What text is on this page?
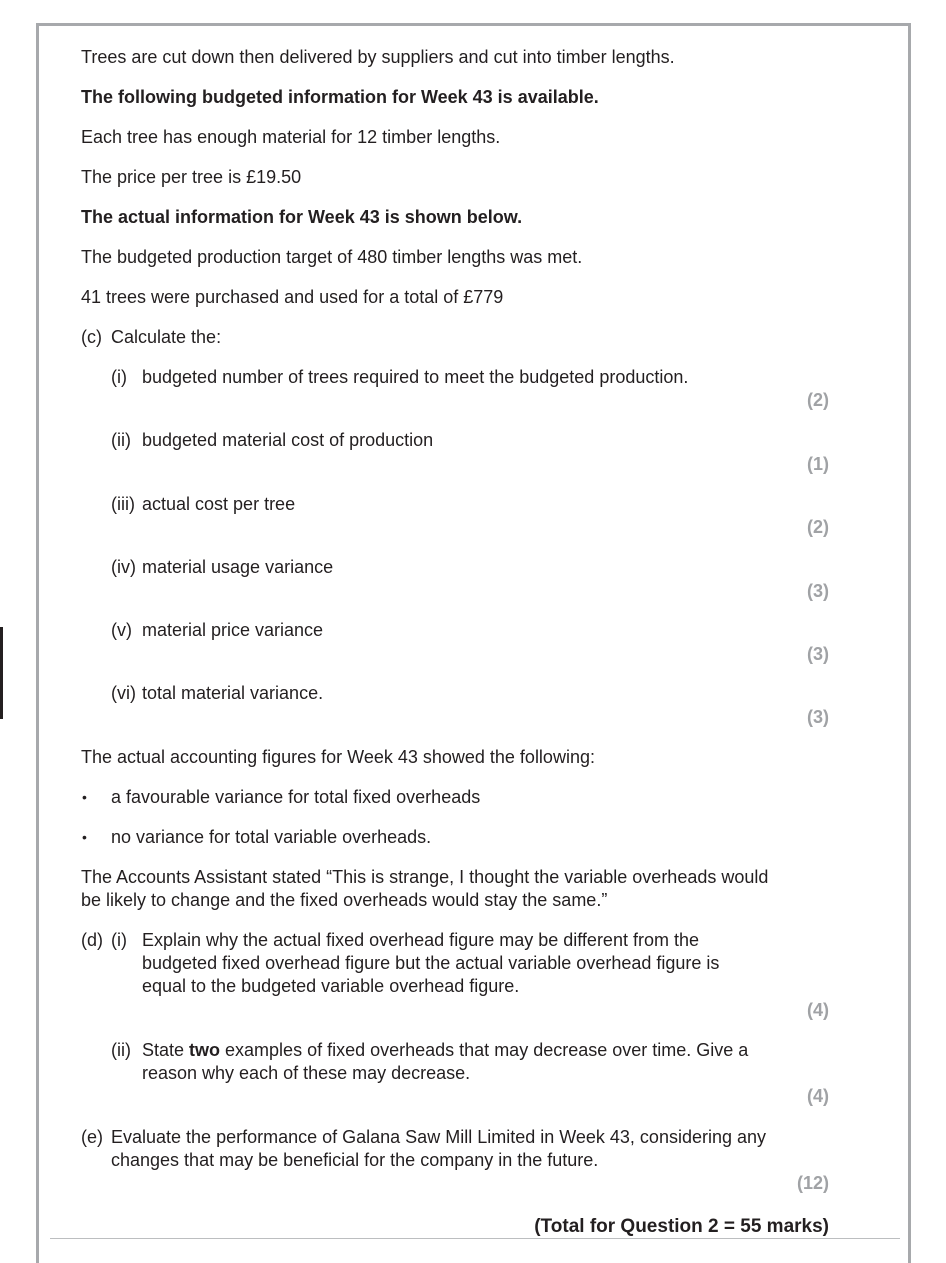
Trees are cut down then delivered by suppliers and cut into timber lengths.
The following budgeted information for Week 43 is available.
Each tree has enough material for 12 timber lengths.
The price per tree is £19.50
The actual information for Week 43 is shown below.
The budgeted production target of 480 timber lengths was met.
41 trees were purchased and used for a total of £779
(c) Calculate the:
(i) budgeted number of trees required to meet the budgeted production.
(2)
(ii) budgeted material cost of production
(1)
(iii) actual cost per tree
(2)
(iv) material usage variance
(3)
(v) material price variance
(3)
(vi) total material variance.
(3)
The actual accounting figures for Week 43 showed the following:
• a favourable variance for total fixed overheads
• no variance for total variable overheads.
The Accounts Assistant stated “This is strange, I thought the variable overheads would
be likely to change and the fixed overheads would stay the same.”
(d) (i) Explain why the actual fixed overhead figure may be different from the
budgeted fixed overhead figure but the actual variable overhead figure is
equal to the budgeted variable overhead figure.
(4)
(ii) State two examples of fixed overheads that may decrease over time. Give a
reason why each of these may decrease.
(4)
(e) Evaluate the performance of Galana Saw Mill Limited in Week 43, considering any
changes that may be beneficial for the company in the future.
(12)
(Total for Question 2 = 55 marks)
